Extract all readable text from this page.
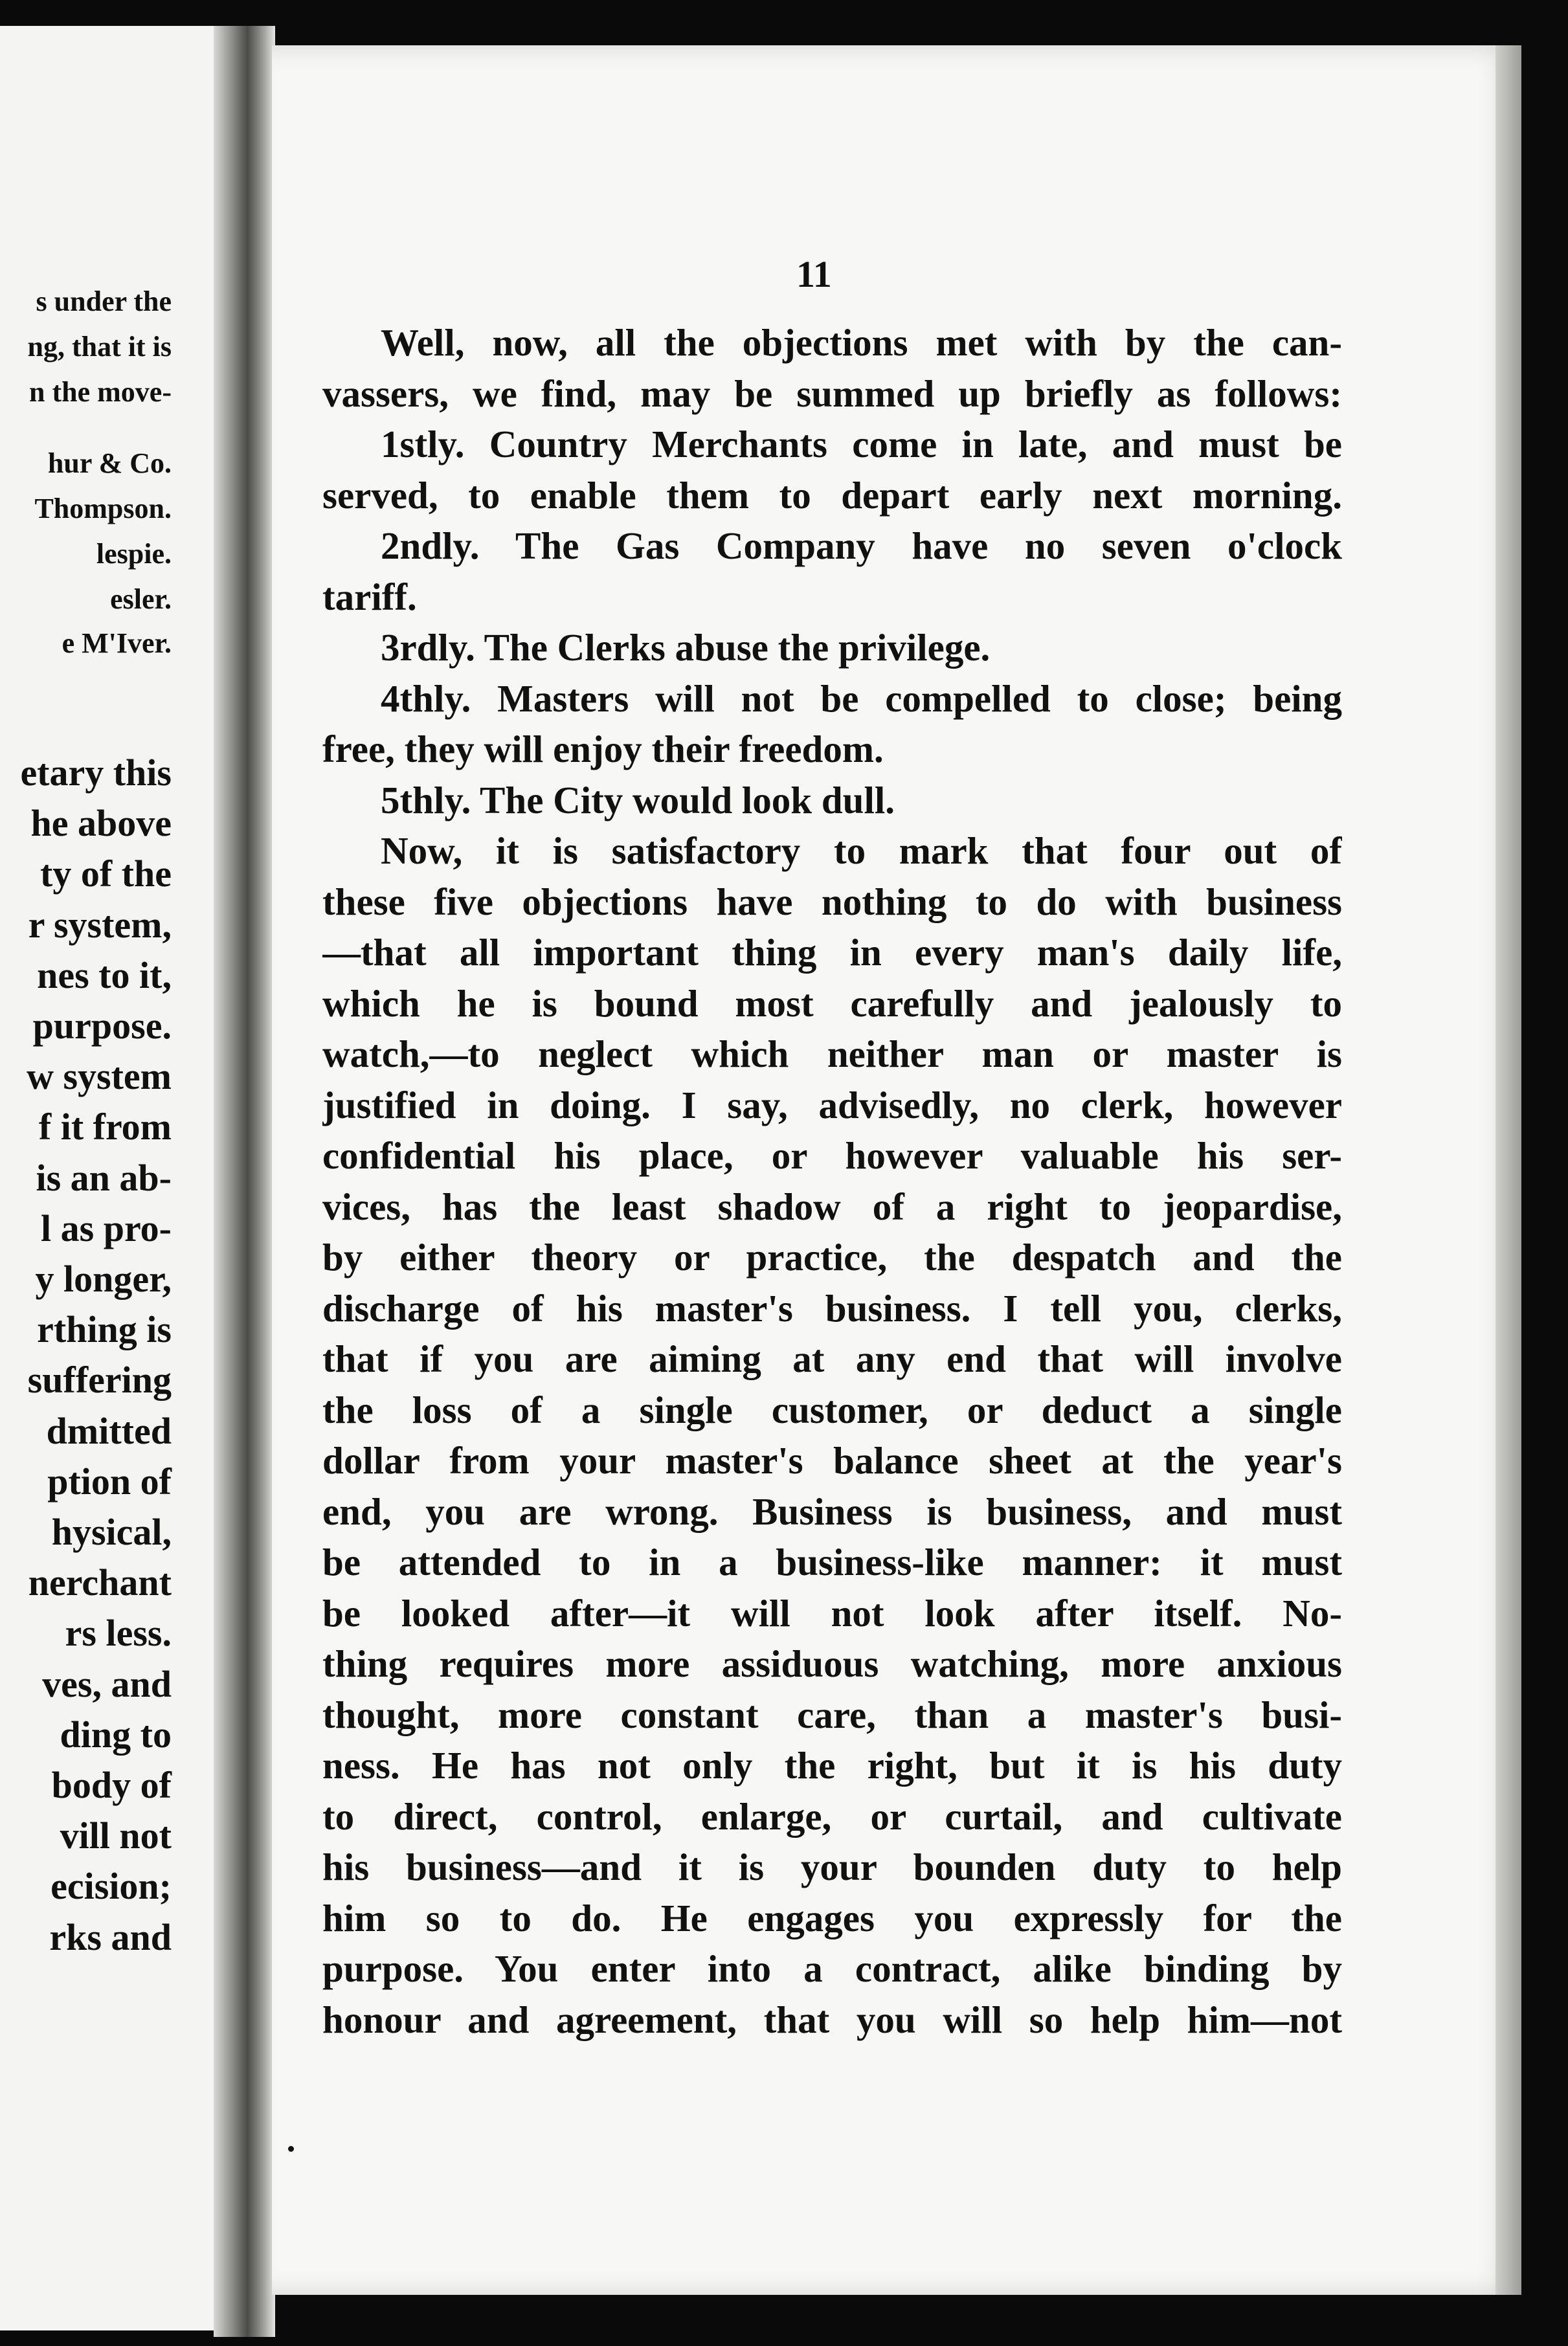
s under the
ng, that it is
n the move-
hur & Co.
Thompson.
lespie.
esler.
e M'Iver.
etary this
he above
ty of the
r system,
nes to it,
purpose.
w system
f it from
is an ab-
l as pro-
y longer,
rthing is
suffering
dmitted
ption of
hysical,
nerchant
rs less.
ves, and
ding to
body of
vill not
ecision;
rks and
11
Well, now, all the objections met with by the can-
vassers, we find, may be summed up briefly as follows:
1stly. Country Merchants come in late, and must be
served, to enable them to depart early next morning.
2ndly. The Gas Company have no seven o'clock
tariff.
3rdly. The Clerks abuse the privilege.
4thly. Masters will not be compelled to close; being
free, they will enjoy their freedom.
5thly. The City would look dull.
Now, it is satisfactory to mark that four out of
these five objections have nothing to do with business
—that all important thing in every man's daily life,
which he is bound most carefully and jealously to
watch,—to neglect which neither man or master is
justified in doing. I say, advisedly, no clerk, however
confidential his place, or however valuable his ser-
vices, has the least shadow of a right to jeopardise,
by either theory or practice, the despatch and the
discharge of his master's business. I tell you, clerks,
that if you are aiming at any end that will involve
the loss of a single customer, or deduct a single
dollar from your master's balance sheet at the year's
end, you are wrong. Business is business, and must
be attended to in a business-like manner: it must
be looked after—it will not look after itself. No-
thing requires more assiduous watching, more anxious
thought, more constant care, than a master's busi-
ness. He has not only the right, but it is his duty
to direct, control, enlarge, or curtail, and cultivate
his business—and it is your bounden duty to help
him so to do. He engages you expressly for the
purpose. You enter into a contract, alike binding by
honour and agreement, that you will so help him—not
